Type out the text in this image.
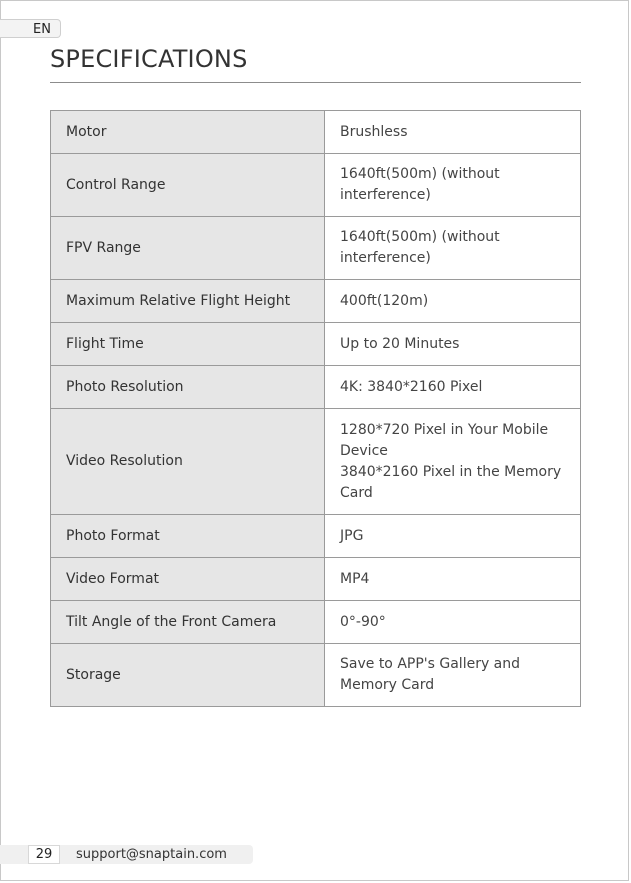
EN
SPECIFICATIONS
Motor	Brushless
Control Range	1640ft(500m) (without interference)
FPV Range	1640ft(500m) (without interference)
Maximum Relative Flight Height	400ft(120m)
Flight Time	Up to 20 Minutes
Photo Resolution	4K: 3840*2160 Pixel
Video Resolution	1280*720 Pixel in Your Mobile Device
3840*2160 Pixel in the Memory Card

Photo Format	JPG
Video Format	MP4
Tilt Angle of the Front Camera	0°-90°
Storage	Save to APP's Gallery and Memory Card
29	support@snaptain.com
